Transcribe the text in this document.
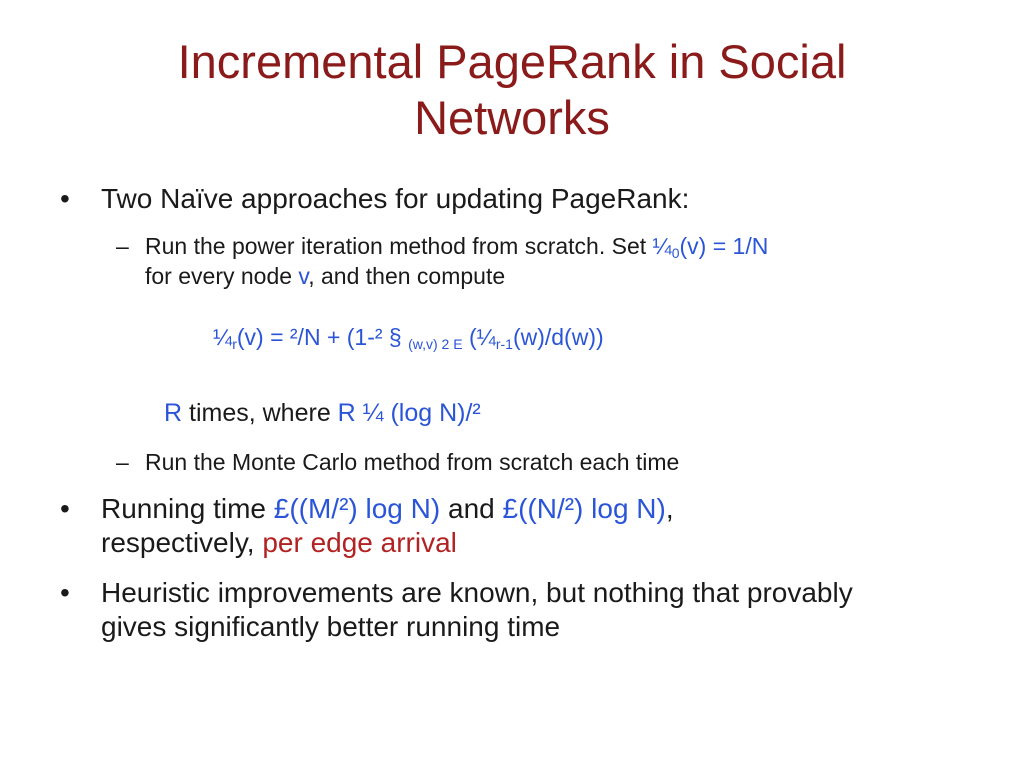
Incremental PageRank in Social Networks
• Two Naïve approaches for updating PageRank:
– Run the power iteration method from scratch. Set $\frac{1}{4}_0(v) = 1/N$
for every node v, and then compute
$\frac{1}{4}_r(v) = ^2/N + (1-^2$ § $_{(w,v) 2 E}$ $(\frac{1}{4}_{r-1}(w)/d(w))$
R times, where R ¼ (log N)/²
– Run the Monte Carlo method from scratch each time
• Running time £((M/²) log N) and £((N/²) log N),
respectively, per edge arrival
• Heuristic improvements are known, but nothing that provably gives significantly better running time
